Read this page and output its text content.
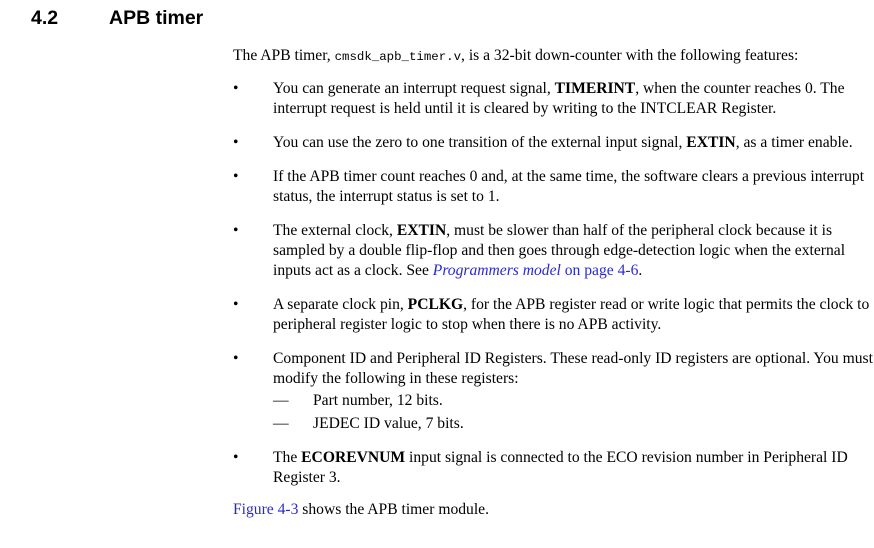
4.2	APB timer

The APB timer, cmsdk_apb_timer.v, is a 32-bit down-counter with the following features:

• You can generate an interrupt request signal, TIMERINT, when the counter reaches 0. The interrupt request is held until it is cleared by writing to the INTCLEAR Register.
• You can use the zero to one transition of the external input signal, EXTIN, as a timer enable.
• If the APB timer count reaches 0 and, at the same time, the software clears a previous interrupt status, the interrupt status is set to 1.
• The external clock, EXTIN, must be slower than half of the peripheral clock because it is sampled by a double flip-flop and then goes through edge-detection logic when the external inputs act as a clock. See Programmers model on page 4-6.
• A separate clock pin, PCLKG, for the APB register read or write logic that permits the clock to peripheral register logic to stop when there is no APB activity.
• Component ID and Peripheral ID Registers. These read-only ID registers are optional. You must modify the following in these registers:
— Part number, 12 bits.
— JEDEC ID value, 7 bits.
• The ECOREVNUM input signal is connected to the ECO revision number in Peripheral ID Register 3.

Figure 4-3 shows the APB timer module.
